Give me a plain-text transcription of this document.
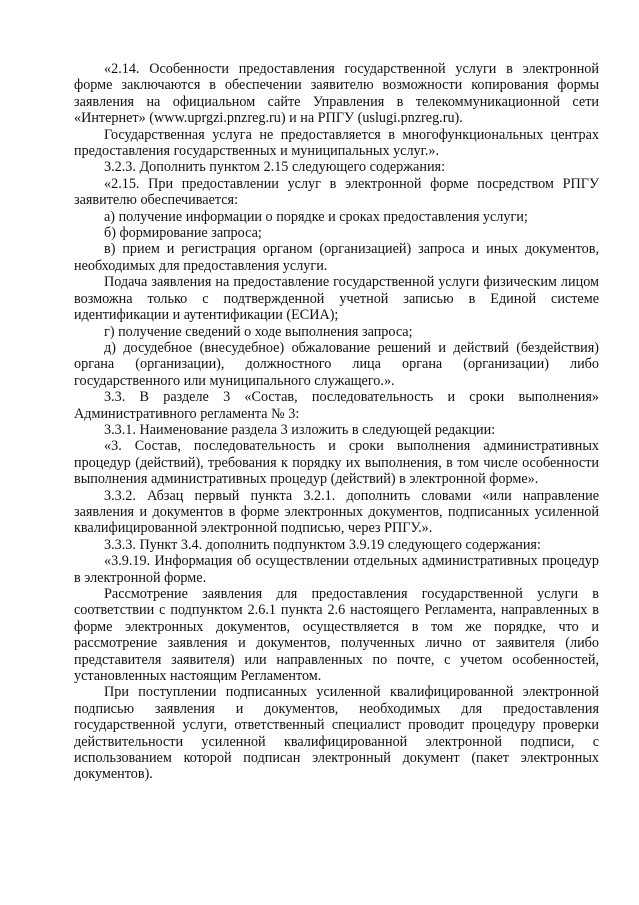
«2.14. Особенности предоставления государственной услуги в электронной форме заключаются в обеспечении заявителю возможности копирования формы заявления на официальном сайте Управления в телекоммуникационной сети «Интернет» (www.uprgzi.pnzreg.ru) и на РПГУ (uslugi.pnzreg.ru).

Государственная услуга не предоставляется в многофункциональных центрах предоставления государственных и муниципальных услуг.».

3.2.3. Дополнить пунктом 2.15 следующего содержания:

«2.15. При предоставлении услуг в электронной форме посредством РПГУ заявителю обеспечивается:

а) получение информации о порядке и сроках предоставления услуги;

б) формирование запроса;

в) прием и регистрация органом (организацией) запроса и иных документов, необходимых для предоставления услуги.

Подача заявления на предоставление государственной услуги физическим лицом возможна только с подтвержденной учетной записью в Единой системе идентификации и аутентификации (ЕСИА);

г) получение сведений о ходе выполнения запроса;

д) досудебное (внесудебное) обжалование решений и действий (бездействия) органа (организации), должностного лица органа (организации) либо государственного или муниципального служащего.».

3.3. В разделе 3 «Состав, последовательность и сроки выполнения» Административного регламента № 3:

3.3.1. Наименование раздела 3 изложить в следующей редакции:

«3. Состав, последовательность и сроки выполнения административных процедур (действий), требования к порядку их выполнения, в том числе особенности выполнения административных процедур (действий) в электронной форме».

3.3.2. Абзац первый пункта 3.2.1. дополнить словами «или направление заявления и документов в форме электронных документов, подписанных усиленной квалифицированной электронной подписью, через РПГУ.».

3.3.3. Пункт 3.4. дополнить подпунктом 3.9.19 следующего содержания:

«3.9.19. Информация об осуществлении отдельных административных процедур в электронной форме.

Рассмотрение заявления для предоставления государственной услуги в соответствии с подпунктом 2.6.1 пункта 2.6 настоящего Регламента, направленных в форме электронных документов, осуществляется в том же порядке, что и рассмотрение заявления и документов, полученных лично от заявителя (либо представителя заявителя) или направленных по почте, с учетом особенностей, установленных настоящим Регламентом.

При поступлении подписанных усиленной квалифицированной электронной подписью заявления и документов, необходимых для предоставления государственной услуги, ответственный специалист проводит процедуру проверки действительности усиленной квалифицированной электронной подписи, с использованием которой подписан электронный документ (пакет электронных документов).
